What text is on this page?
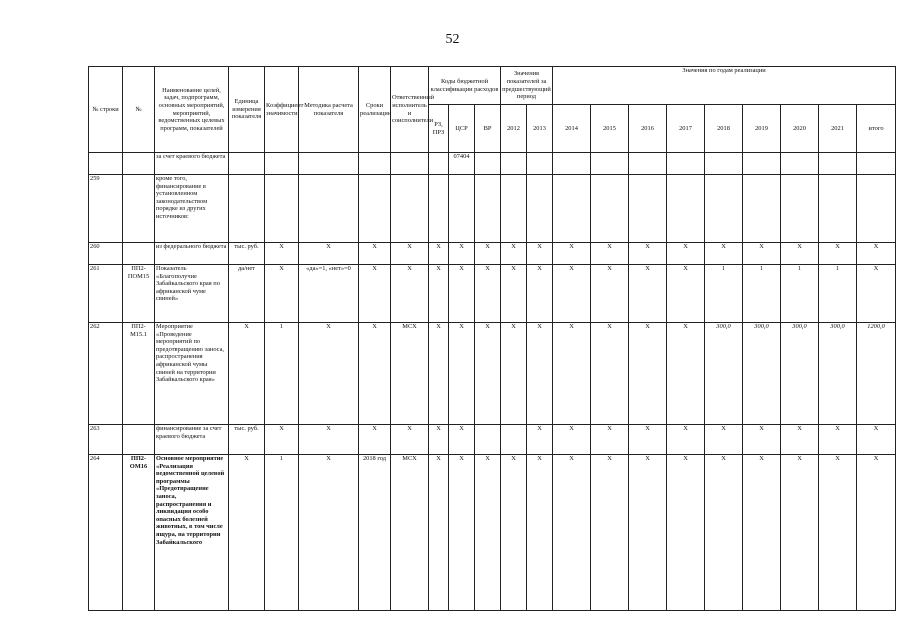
52
№ строки	№	Наименование целей, задач, подпрограмм, основных мероприятий, мероприятий, ведомственных целевых программ, показателей	Единица измерения показателя	Коэффициент значимости	Методика расчета показателя	Сроки реализации	Ответственный исполнитель и соисполнители	Коды бюджетной классификации расходов			Значения показателей за предшествующий период		Значения по годам реализации								
								РЗ, ПРЗ	ЦСР	ВР	2012	2013	2014	2015	2016	2017	2018	2019	2020	2021	итого
		за счет краевого бюджета							07404												
259		кроме того, финансирование в установленном законодательством порядке из других источников:																			
260		из федерального бюджета	тыс. руб.	X	X	X	X	X	X	X	X	X	X	X	X	X	X	X	X	X	X
261	ПП2-ПОМ15	Показатель «Благополучие Забайкальского края по африканской чуме свиней»	да/нет	X	«да»=1, «нет»=0	X	X	X	X	X	X	X	X	X	X	X	1	1	1	1	X
262	ПП2-М15.1	Мероприятие «Проведение мероприятий по предотвращению заноса, распространения африканской чумы свиней на территории Забайкальского края»	X	1	X	X	МСХ	X	X	X	X	X	X	X	X	X	300,0	300,0	300,0	300,0	1200,0
263		финансирование за счет краевого бюджета	тыс. руб.	X	X	X	X	X	X			X	X	X	X	X	X	X	X	X	X
264	ПП2-ОМ16	Основное мероприятие «Реализация ведомственной целевой программы «Предотвращение заноса, распространения и ликвидация особо опасных болезней животных, в том числе ящура, на территории Забайкальского	X	1	X	2018 год	МСХ	X	X	X	X	X	X	X	X	X	X	X	X	X	X
